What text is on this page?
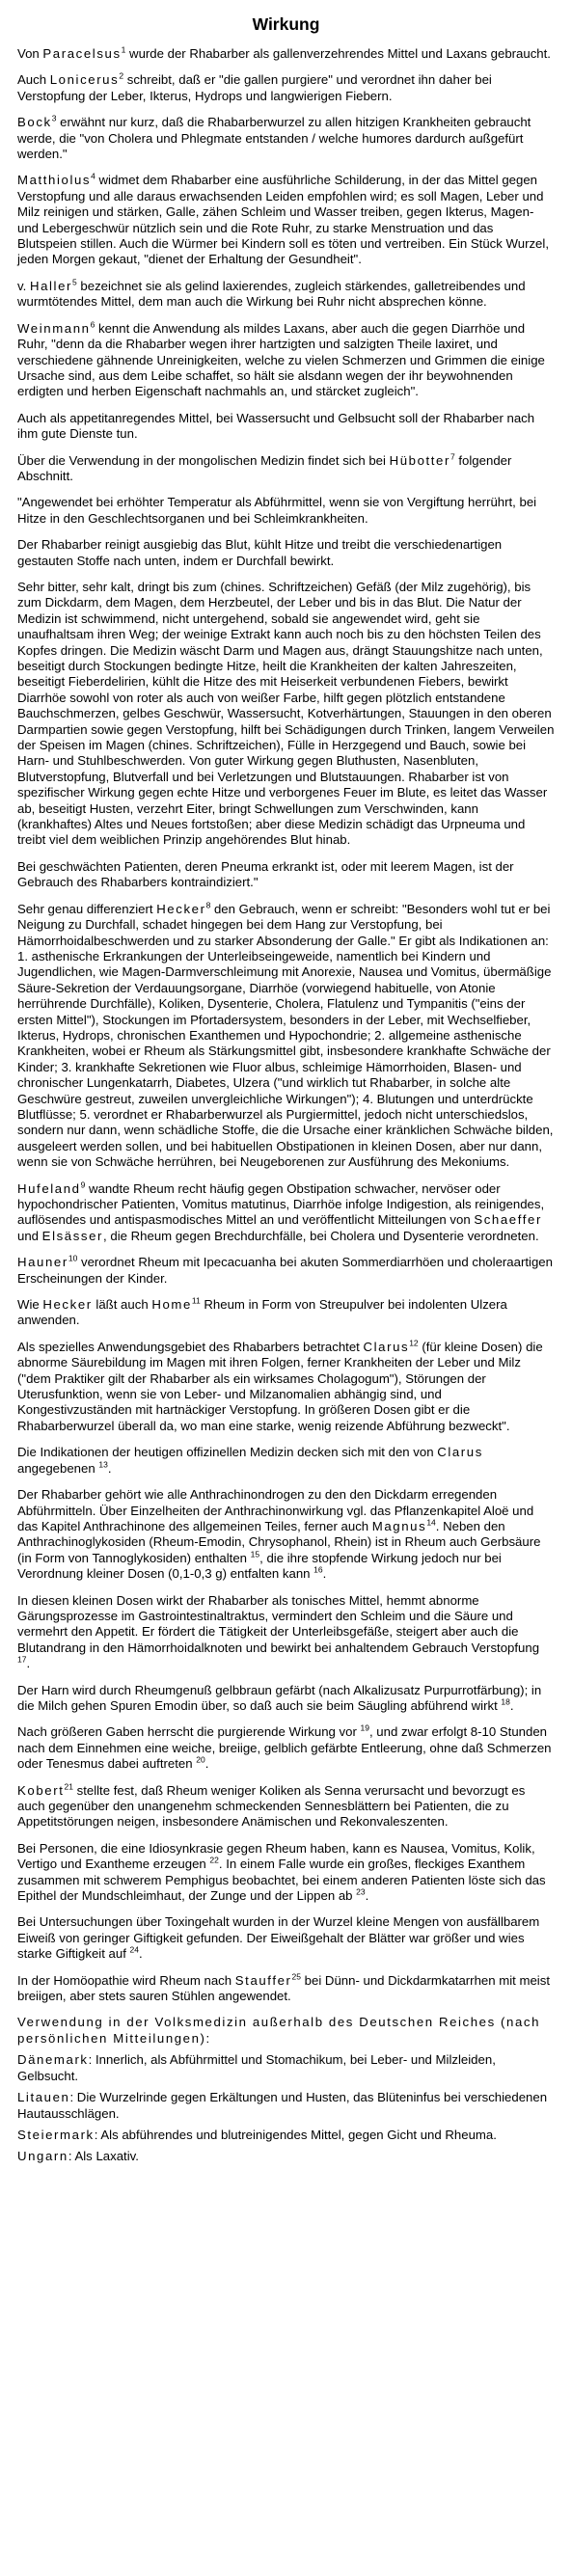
Wirkung

Von Paracelsus$^1$ wurde der Rhabarber als gallenverzehrendes Mittel und Laxans gebraucht.

Auch Lonicerus$^2$ schreibt, daß er "die gallen purgiere" und verordnet ihn daher bei Verstopfung der Leber, Ikterus, Hydrops und langwierigen Fiebern.

Bock$^3$ erwähnt nur kurz, daß die Rhabarberwurzel zu allen hitzigen Krankheiten gebraucht werde, die "von Cholera und Phlegmate entstanden / welche humores dardurch außgefürt werden."

Matthiolus$^4$ widmet dem Rhabarber eine ausführliche Schilderung, in der das Mittel gegen Verstopfung und alle daraus erwachsenden Leiden empfohlen wird; es soll Magen, Leber und Milz reinigen und stärken, Galle, zähen Schleim und Wasser treiben, gegen Ikterus, Magen- und Lebergeschwür nützlich sein und die Rote Ruhr, zu starke Menstruation und das Blutspeien stillen. Auch die Würmer bei Kindern soll es töten und vertreiben. Ein Stück Wurzel, jeden Morgen gekaut, "dienet der Erhaltung der Gesundheit".

v. Haller$^5$ bezeichnet sie als gelind laxierendes, zugleich stärkendes, galletreibendes und wurmtötendes Mittel, dem man auch die Wirkung bei Ruhr nicht absprechen könne.

Weinmann$^6$ kennt die Anwendung als mildes Laxans, aber auch die gegen Diarrhöe und Ruhr, "denn da die Rhabarber wegen ihrer hartzigten und salzigten Theile laxiret, und verschiedene gähnende Unreinigkeiten, welche zu vielen Schmerzen und Grimmen die einige Ursache sind, aus dem Leibe schaffet, so hält sie alsdann wegen der ihr beywohnenden erdigten und herben Eigenschaft nachmahls an, und stärcket zugleich".

Auch als appetitanregendes Mittel, bei Wassersucht und Gelbsucht soll der Rhabarber nach ihm gute Dienste tun.

Über die Verwendung in der mongolischen Medizin findet sich bei Hübotter$^7$ folgender Abschnitt.

"Angewendet bei erhöhter Temperatur als Abführmittel, wenn sie von Vergiftung herrührt, bei Hitze in den Geschlechtsorganen und bei Schleimkrankheiten.

Der Rhabarber reinigt ausgiebig das Blut, kühlt Hitze und treibt die verschiedenartigen gestauten Stoffe nach unten, indem er Durchfall bewirkt.

Sehr bitter, sehr kalt, dringt bis zum (chines. Schriftzeichen) Gefäß (der Milz zugehörig), bis zum Dickdarm, dem Magen, dem Herzbeutel, der Leber und bis in das Blut. Die Natur der Medizin ist schwimmend, nicht untergehend, sobald sie angewendet wird, geht sie unaufhaltsam ihren Weg; der weinige Extrakt kann auch noch bis zu den höchsten Teilen des Kopfes dringen. Die Medizin wäscht Darm und Magen aus, drängt Stauungshitze nach unten, beseitigt durch Stockungen bedingte Hitze, heilt die Krankheiten der kalten Jahreszeiten, beseitigt Fieberdelirien, kühlt die Hitze des mit Heiserkeit verbundenen Fiebers, bewirkt Diarrhöe sowohl von roter als auch von weißer Farbe, hilft gegen plötzlich entstandene Bauchschmerzen, gelbes Geschwür, Wassersucht, Kotverhärtungen, Stauungen in den oberen Darmpartien sowie gegen Verstopfung, hilft bei Schädigungen durch Trinken, langem Verweilen der Speisen im Magen (chines. Schriftzeichen), Fülle in Herzgegend und Bauch, sowie bei Harn- und Stuhlbeschwerden. Von guter Wirkung gegen Bluthusten, Nasenbluten, Blutverstopfung, Blutverfall und bei Verletzungen und Blutstauungen. Rhabarber ist von spezifischer Wirkung gegen echte Hitze und verborgenes Feuer im Blute, es leitet das Wasser ab, beseitigt Husten, verzehrt Eiter, bringt Schwellungen zum Verschwinden, kann (krankhaftes) Altes und Neues fortstoßen; aber diese Medizin schädigt das Urpneuma und treibt viel dem weiblichen Prinzip angehörendes Blut hinab.

Bei geschwächten Patienten, deren Pneuma erkrankt ist, oder mit leerem Magen, ist der Gebrauch des Rhabarbers kontraindiziert."

Sehr genau differenziert Hecker$^8$ den Gebrauch, wenn er schreibt: "Besonders wohl tut er bei Neigung zu Durchfall, schadet hingegen bei dem Hang zur Verstopfung, bei Hämorrhoidalbeschwerden und zu starker Absonderung der Galle." Er gibt als Indikationen an: 1. asthenische Erkrankungen der Unterleibseingeweide, namentlich bei Kindern und Jugendlichen, wie Magen-Darmverschleimung mit Anorexie, Nausea und Vomitus, übermäßige Säure-Sekretion der Verdauungsorgane, Diarrhöe (vorwiegend habituelle, von Atonie herrührende Durchfälle), Koliken, Dysenterie, Cholera, Flatulenz und Tympanitis ("eins der ersten Mittel"), Stockungen im Pfortadersystem, besonders in der Leber, mit Wechselfieber, Ikterus, Hydrops, chronischen Exanthemen und Hypochondrie; 2. allgemeine asthenische Krankheiten, wobei er Rheum als Stärkungsmittel gibt, insbesondere krankhafte Schwäche der Kinder; 3. krankhafte Sekretionen wie Fluor albus, schleimige Hämorrhoiden, Blasen- und chronischer Lungenkatarrh, Diabetes, Ulzera ("und wirklich tut Rhabarber, in solche alte Geschwüre gestreut, zuweilen unvergleichliche Wirkungen"); 4. Blutungen und unterdrückte Blutflüsse; 5. verordnet er Rhabarberwurzel als Purgiermittel, jedoch nicht unterschiedslos, sondern nur dann, wenn schädliche Stoffe, die die Ursache einer kränklichen Schwäche bilden, ausgeleert werden sollen, und bei habituellen Obstipationen in kleinen Dosen, aber nur dann, wenn sie von Schwäche herrühren, bei Neugeborenen zur Ausführung des Mekoniums.

Hufeland$^9$ wandte Rheum recht häufig gegen Obstipation schwacher, nervöser oder hypochondrischer Patienten, Vomitus matutinus, Diarrhöe infolge Indigestion, als reinigendes, auflösendes und antispasmodisches Mittel an und veröffentlicht Mitteilungen von Schaeffer und Elsässer, die Rheum gegen Brechdurchfälle, bei Cholera und Dysenterie verordneten.

Hauner$^{10}$ verordnet Rheum mit Ipecacuanha bei akuten Sommerdiarrhöen und choleraartigen Erscheinungen der Kinder.

Wie Hecker läßt auch Home$^{11}$ Rheum in Form von Streupulver bei indolenten Ulzera anwenden.

Als spezielles Anwendungsgebiet des Rhabarbers betrachtet Clarus$^{12}$ (für kleine Dosen) die abnorme Säurebildung im Magen mit ihren Folgen, ferner Krankheiten der Leber und Milz ("dem Praktiker gilt der Rhabarber als ein wirksames Cholagogum"), Störungen der Uterusfunktion, wenn sie von Leber- und Milzanomalien abhängig sind, und Kongestivzuständen mit hartnäckiger Verstopfung. In größeren Dosen gibt er die Rhabarberwurzel überall da, wo man eine starke, wenig reizende Abführung bezweckt".

Die Indikationen der heutigen offizinellen Medizin decken sich mit den von Clarus angegebenen $^{13}$.

Der Rhabarber gehört wie alle Anthrachinondrogen zu den den Dickdarm erregenden Abführmitteln. Über Einzelheiten der Anthrachinonwirkung vgl. das Pflanzenkapitel Aloë und das Kapitel Anthrachinone des allgemeinen Teiles, ferner auch Magnus$^{14}$. Neben den Anthrachinoglykosiden (Rheum-Emodin, Chrysophanol, Rhein) ist in Rheum auch Gerbsäure (in Form von Tannoglykosiden) enthalten $^{15}$, die ihre stopfende Wirkung jedoch nur bei Verordnung kleiner Dosen (0,1-0,3 g) entfalten kann $^{16}$.

In diesen kleinen Dosen wirkt der Rhabarber als tonisches Mittel, hemmt abnorme Gärungsprozesse im Gastrointestinaltraktus, vermindert den Schleim und die Säure und vermehrt den Appetit. Er fördert die Tätigkeit der Unterleibsgefäße, steigert aber auch die Blutandrang in den Hämorrhoidalknoten und bewirkt bei anhaltendem Gebrauch Verstopfung $^{17}$.

Der Harn wird durch Rheumgenuß gelbbraun gefärbt (nach Alkalizusatz Purpurrotfärbung); in die Milch gehen Spuren Emodin über, so daß auch sie beim Säugling abführend wirkt $^{18}$.

Nach größeren Gaben herrscht die purgierende Wirkung vor $^{19}$, und zwar erfolgt 8-10 Stunden nach dem Einnehmen eine weiche, breiige, gelblich gefärbte Entleerung, ohne daß Schmerzen oder Tenesmus dabei auftreten $^{20}$.

Kobert$^{21}$ stellte fest, daß Rheum weniger Koliken als Senna verursacht und bevorzugt es auch gegenüber den unangenehm schmeckenden Sennesblättern bei Patienten, die zu Appetitstörungen neigen, insbesondere Anämischen und Rekonvaleszenten.

Bei Personen, die eine Idiosynkrasie gegen Rheum haben, kann es Nausea, Vomitus, Kolik, Vertigo und Exantheme erzeugen $^{22}$. In einem Falle wurde ein großes, fleckiges Exanthem zusammen mit schwerem Pemphigus beobachtet, bei einem anderen Patienten löste sich das Epithel der Mundschleimhaut, der Zunge und der Lippen ab $^{23}$.

Bei Untersuchungen über Toxingehalt wurden in der Wurzel kleine Mengen von ausfällbarem Eiweiß von geringer Giftigkeit gefunden. Der Eiweißgehalt der Blätter war größer und wies starke Giftigkeit auf $^{24}$.

In der Homöopathie wird Rheum nach Stauffer$^{25}$ bei Dünn- und Dickdarmkatarrhen mit meist breiigen, aber stets sauren Stühlen angewendet.

Verwendung in der Volksmedizin außerhalb des Deutschen Reiches (nach persönlichen Mitteilungen):

Dänemark: Innerlich, als Abführmittel und Stomachikum, bei Leber- und Milzleiden, Gelbsucht.

Litauen: Die Wurzelrinde gegen Erkältungen und Husten, das Blüteninfus bei verschiedenen Hautausschlägen.

Steiermark: Als abführendes und blutreinigendes Mittel, gegen Gicht und Rheuma.

Ungarn: Als Laxativ.
